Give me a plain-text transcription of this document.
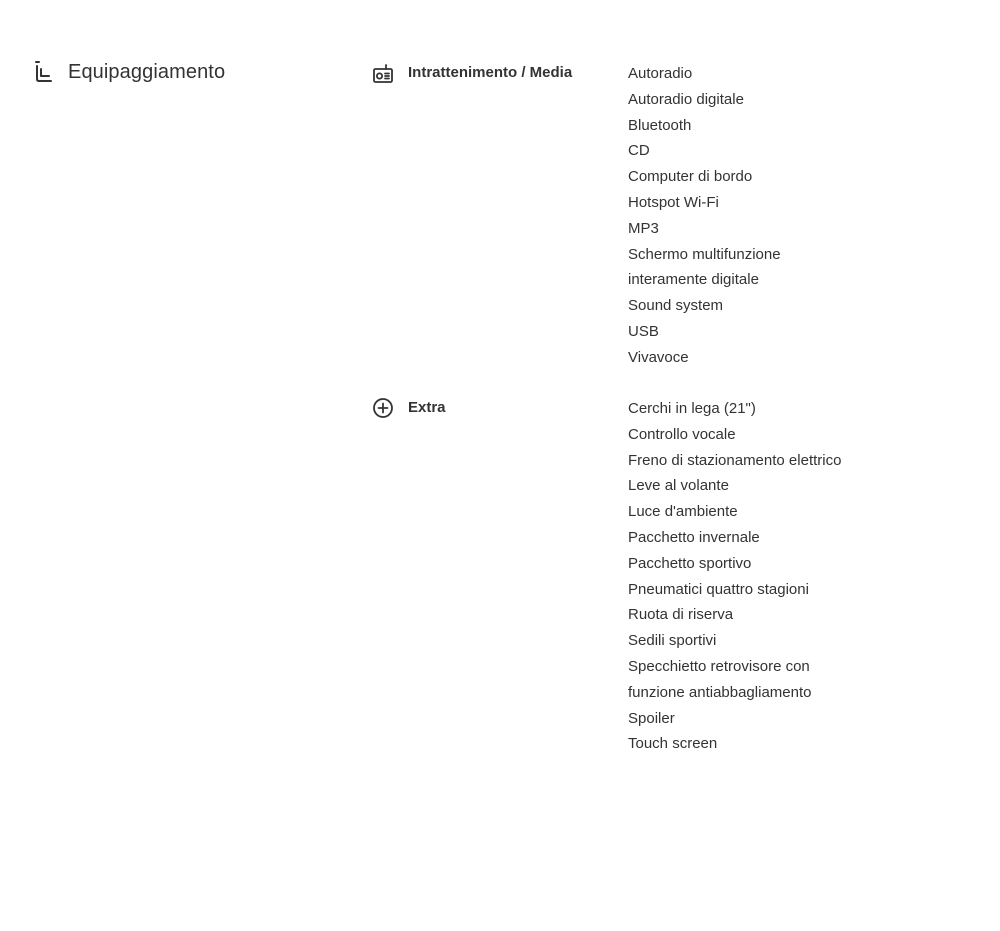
Equipaggiamento	Intrattenimento / Media	Autoradio
Autoradio digitale
Bluetooth
CD
Computer di bordo
Hotspot Wi-Fi
MP3
Schermo multifunzione
interamente digitale
Sound system
USB
Vivavoce
Extra	Cerchi in lega (21")
Controllo vocale
Freno di stazionamento elettrico
Leve al volante
Luce d'ambiente
Pacchetto invernale
Pacchetto sportivo
Pneumatici quattro stagioni
Ruota di riserva
Sedili sportivi
Specchietto retrovisore con
funzione antiabbagliamento
Spoiler
Touch screen
